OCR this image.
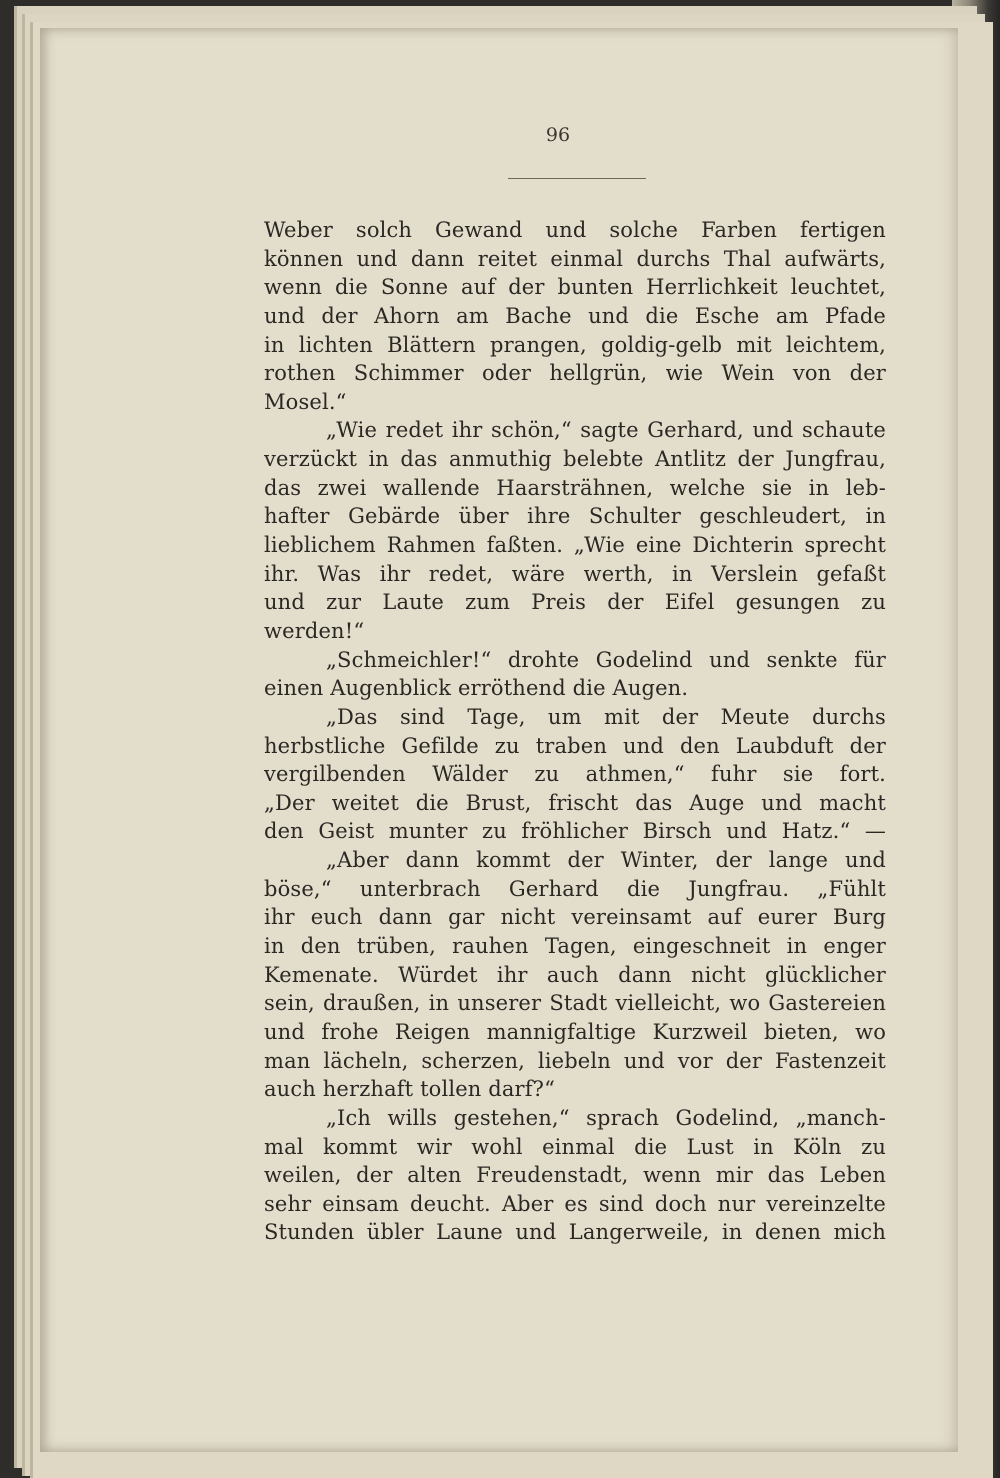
96
Weber solch Gewand und solche Farben fertigen
können und dann reitet einmal durchs Thal aufwärts,
wenn die Sonne auf der bunten Herrlichkeit leuchtet,
und der Ahorn am Bache und die Esche am Pfade
in lichten Blättern prangen, goldig-gelb mit leichtem,
rothen Schimmer oder hellgrün, wie Wein von der
Mosel.“
„Wie redet ihr schön,“ sagte Gerhard, und schaute
verzückt in das anmuthig belebte Antlitz der Jungfrau,
das zwei wallende Haarsträhnen, welche sie in leb-
hafter Gebärde über ihre Schulter geschleudert, in
lieblichem Rahmen faßten. „Wie eine Dichterin sprecht
ihr. Was ihr redet, wäre werth, in Verslein gefaßt
und zur Laute zum Preis der Eifel gesungen zu
werden!“
„Schmeichler!“ drohte Godelind und senkte für
einen Augenblick erröthend die Augen.
„Das sind Tage, um mit der Meute durchs
herbstliche Gefilde zu traben und den Laubduft der
vergilbenden Wälder zu athmen,“ fuhr sie fort.
„Der weitet die Brust, frischt das Auge und macht
den Geist munter zu fröhlicher Birsch und Hatz.“ —
„Aber dann kommt der Winter, der lange und
böse,“ unterbrach Gerhard die Jungfrau. „Fühlt
ihr euch dann gar nicht vereinsamt auf eurer Burg
in den trüben, rauhen Tagen, eingeschneit in enger
Kemenate. Würdet ihr auch dann nicht glücklicher
sein, draußen, in unserer Stadt vielleicht, wo Gastereien
und frohe Reigen mannigfaltige Kurzweil bieten, wo
man lächeln, scherzen, liebeln und vor der Fastenzeit
auch herzhaft tollen darf?“
„Ich wills gestehen,“ sprach Godelind, „manch-
mal kommt wir wohl einmal die Lust in Köln zu
weilen, der alten Freudenstadt, wenn mir das Leben
sehr einsam deucht. Aber es sind doch nur vereinzelte
Stunden übler Laune und Langerweile, in denen mich
